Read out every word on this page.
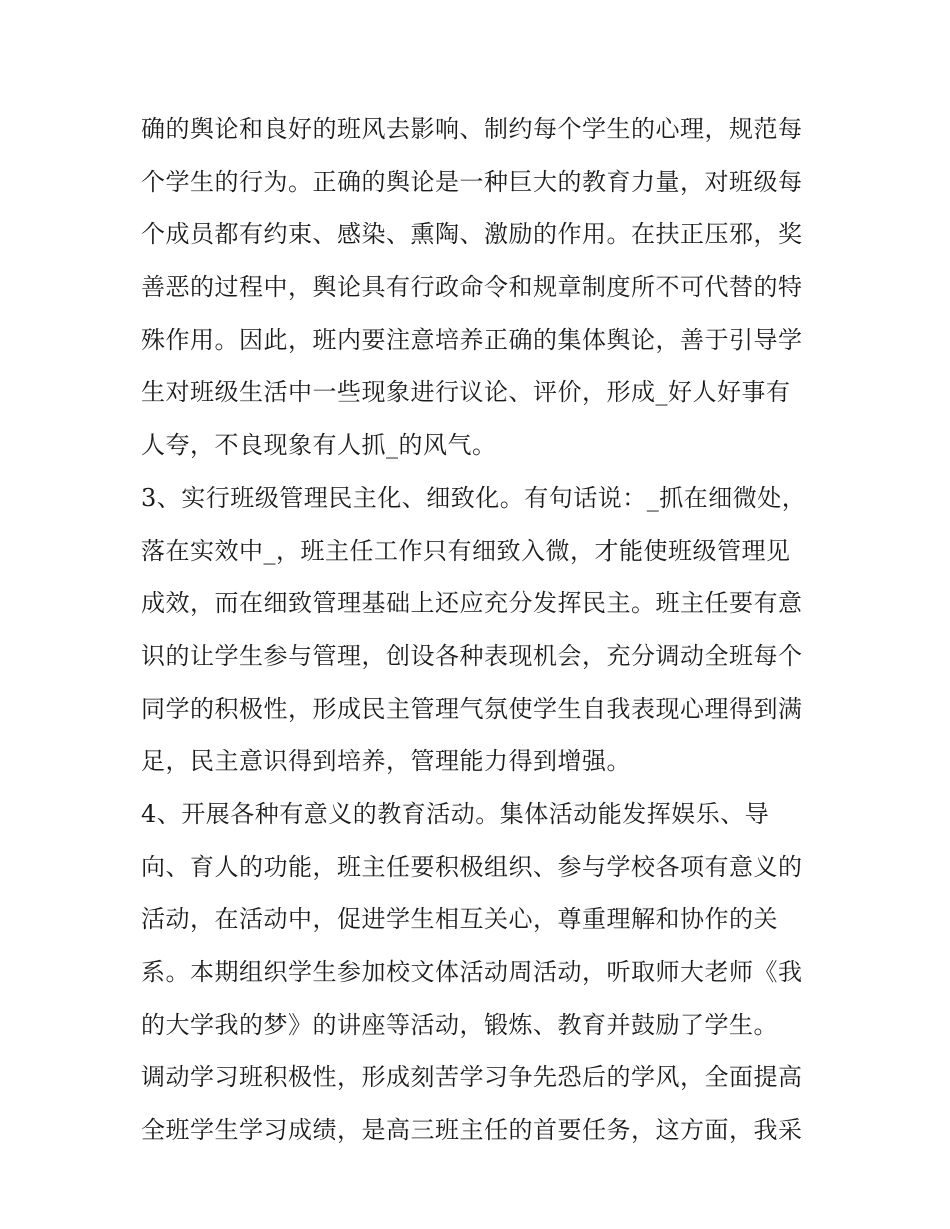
确的舆论和良好的班风去影响、制约每个学生的心理，规范每
个学生的行为。正确的舆论是一种巨大的教育力量，对班级每
个成员都有约束、感染、熏陶、激励的作用。在扶正压邪，奖
善恶的过程中，舆论具有行政命令和规章制度所不可代替的特
殊作用。因此，班内要注意培养正确的集体舆论，善于引导学
生对班级生活中一些现象进行议论、评价，形成_好人好事有
人夸，不良现象有人抓_的风气。
3、实行班级管理民主化、细致化。有句话说：_抓在细微处，
落在实效中_，班主任工作只有细致入微，才能使班级管理见
成效，而在细致管理基础上还应充分发挥民主。班主任要有意
识的让学生参与管理，创设各种表现机会，充分调动全班每个
同学的积极性，形成民主管理气氛使学生自我表现心理得到满
足，民主意识得到培养，管理能力得到增强。
4、开展各种有意义的教育活动。集体活动能发挥娱乐、导
向、育人的功能，班主任要积极组织、参与学校各项有意义的
活动，在活动中，促进学生相互关心，尊重理解和协作的关
系。本期组织学生参加校文体活动周活动，听取师大老师《我
的大学我的梦》的讲座等活动，锻炼、教育并鼓励了学生。
调动学习班积极性，形成刻苦学习争先恐后的学风，全面提高
全班学生学习成绩，是高三班主任的首要任务，这方面，我采
